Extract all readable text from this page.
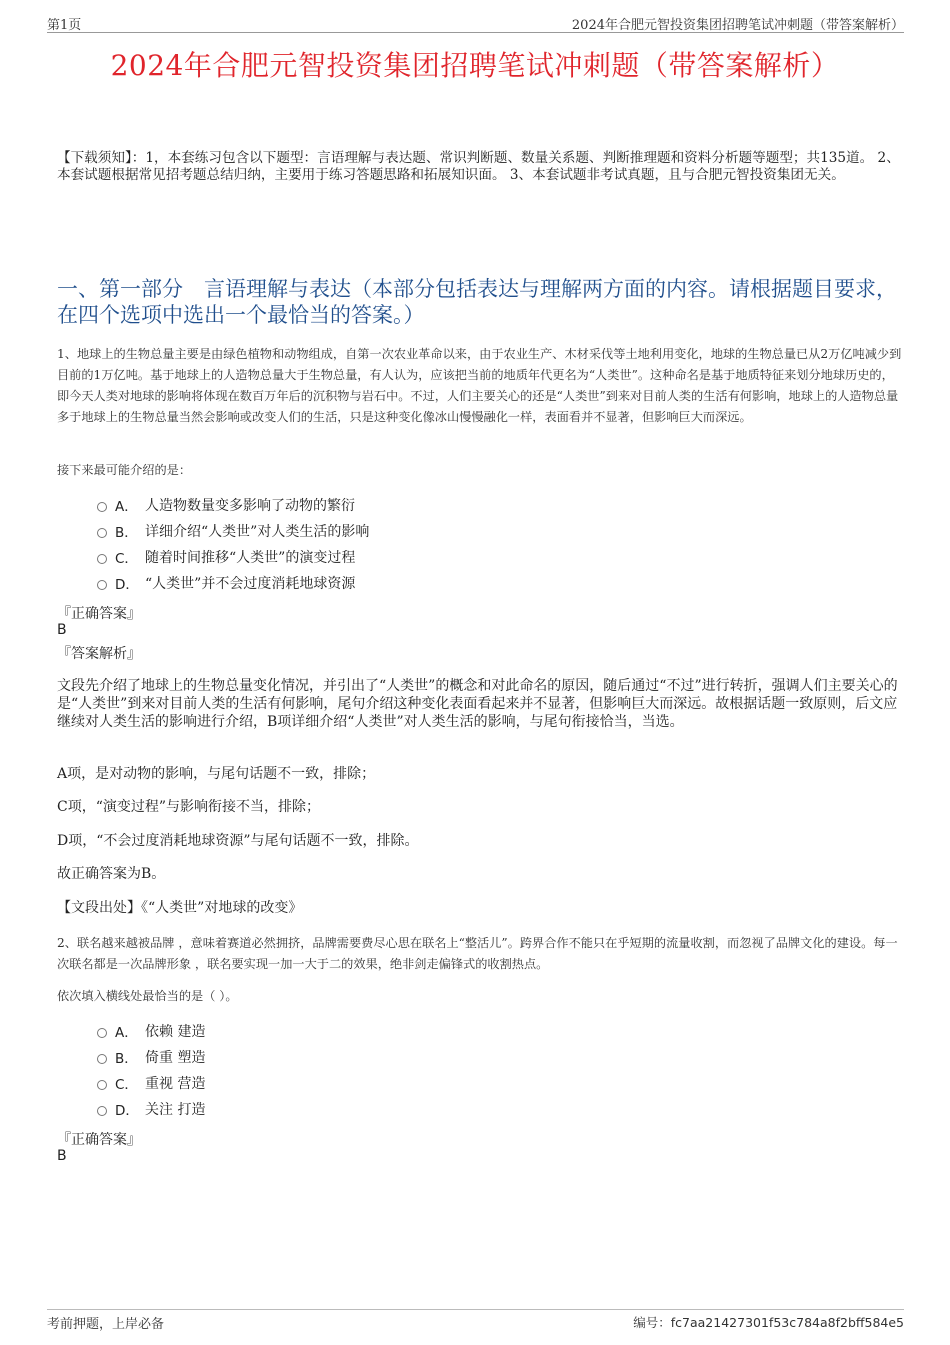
第1页	2024年合肥元智投资集团招聘笔试冲刺题（带答案解析）
2024年合肥元智投资集团招聘笔试冲刺题（带答案解析）
【下载须知】：1，本套练习包含以下题型：言语理解与表达题、常识判断题、数量关系题、判断推理题和资料分析题等题型；共135道。 2、本套试题根据常见招考题总结归纳，主要用于练习答题思路和拓展知识面。 3、本套试题非考试真题，且与合肥元智投资集团无关。
一、第一部分　言语理解与表达（本部分包括表达与理解两方面的内容。请根据题目要求，在四个选项中选出一个最恰当的答案。）
1、地球上的生物总量主要是由绿色植物和动物组成，自第一次农业革命以来，由于农业生产、木材采伐等土地利用变化，地球的生物总量已从2万亿吨减少到目前的1万亿吨。基于地球上的人造物总量大于生物总量，有人认为，应该把当前的地质年代更名为“人类世”。这种命名是基于地质特征来划分地球历史的，即今天人类对地球的影响将体现在数百万年后的沉积物与岩石中。不过，人们主要关心的还是“人类世”到来对目前人类的生活有何影响，地球上的人造物总量多于地球上的生物总量当然会影响或改变人们的生活，只是这种变化像冰山慢慢融化一样，表面看并不显著，但影响巨大而深远。
接下来最可能介绍的是：
A． 人造物数量变多影响了动物的繁衍
B． 详细介绍“人类世”对人类生活的影响
C． 随着时间推移“人类世”的演变过程
D． “人类世”并不会过度消耗地球资源
『正确答案』
B
『答案解析』
文段先介绍了地球上的生物总量变化情况，并引出了“人类世”的概念和对此命名的原因，随后通过“不过”进行转折，强调人们主要关心的是“人类世”到来对目前人类的生活有何影响，尾句介绍这种变化表面看起来并不显著，但影响巨大而深远。故根据话题一致原则，后文应继续对人类生活的影响进行介绍，B项详细介绍“人类世”对人类生活的影响，与尾句衔接恰当，当选。
A项，是对动物的影响，与尾句话题不一致，排除；
C项，“演变过程”与影响衔接不当，排除；
D项，“不会过度消耗地球资源”与尾句话题不一致，排除。
故正确答案为B。
【文段出处】《“人类世”对地球的改变》
2、联名越来越被品牌 ，意味着赛道必然拥挤，品牌需要费尽心思在联名上“整活儿”。跨界合作不能只在乎短期的流量收割，而忽视了品牌文化的建设。每一次联名都是一次品牌形象 ，联名要实现一加一大于二的效果，绝非剑走偏锋式的收割热点。
依次填入横线处最恰当的是（ ）。
A． 依赖 建造
B． 倚重 塑造
C． 重视 营造
D． 关注 打造
『正确答案』
B
考前押题，上岸必备	编号：fc7aa21427301f53c784a8f2bff584e5
